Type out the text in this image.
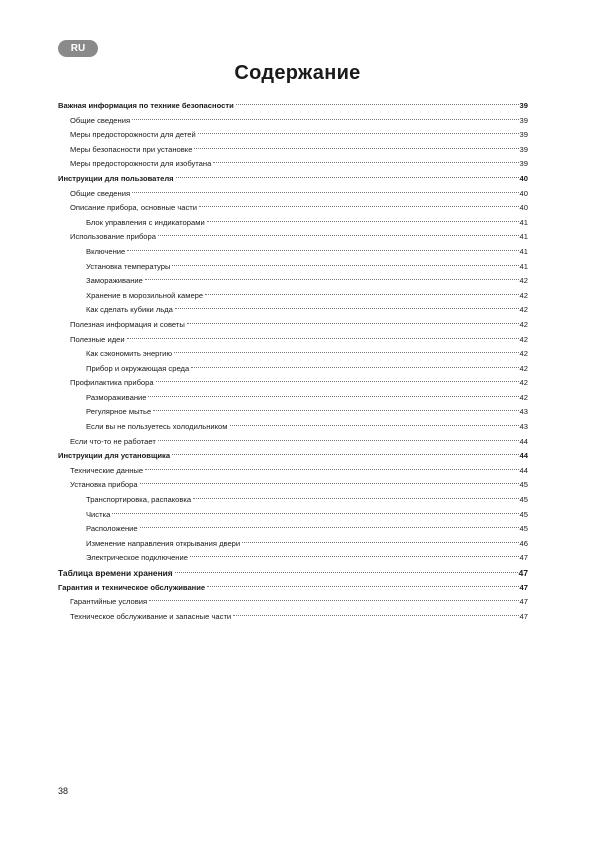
RU
Содержание
Важная информация по технике безопасности	39
Общие сведения	39
Меры предосторожности для детей	39
Меры безопасности при установке	39
Меры предосторожности для изобутана	39
Инструкции для пользователя	40
Общие сведения	40
Описание прибора, основные части	40
Блок управления с индикаторами	41
Использование прибора	41
Включение	41
Установка температуры	41
Замораживание	42
Хранение в морозильной камере	42
Как сделать кубики льда	42
Полезная информация и советы	42
Полезные идеи	42
Как сэкономить энергию	42
Прибор и окружающая среда	42
Профилактика прибора	42
Размораживание	42
Регулярное мытье	43
Если вы не пользуетесь холодильником	43
Если что-то не работает	44
Инструкции для установщика	44
Технические данные	44
Установка прибора	45
Транспортировка, распаковка	45
Чистка	45
Расположение	45
Изменение направления открывания двери	46
Электрическое подключение	47
Таблица времени хранения	47
Гарантия и техническое обслуживание	47
Гарантийные условия	47
Техническое обслуживание и запасные части	47
38
